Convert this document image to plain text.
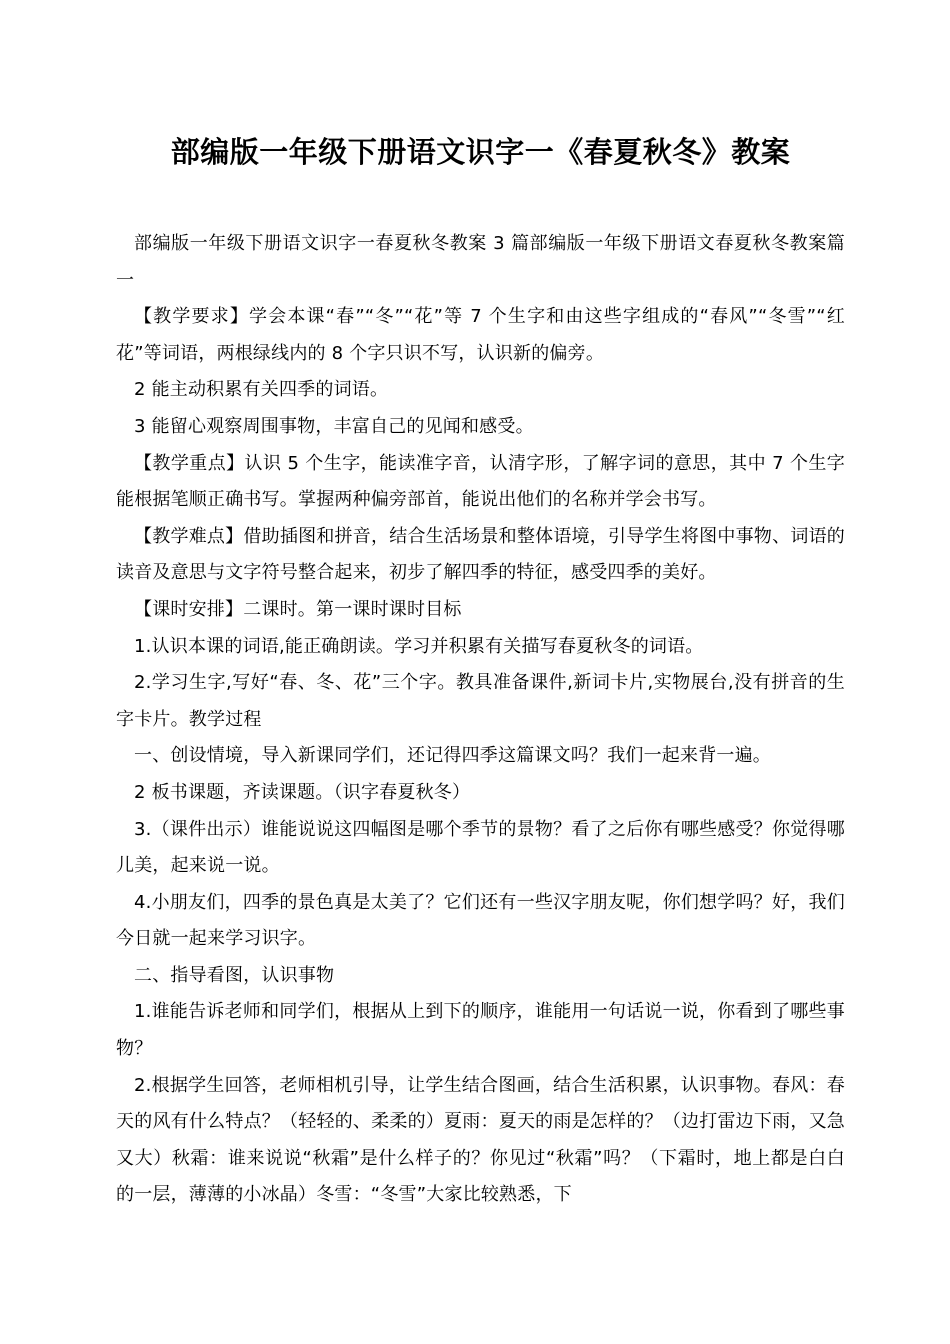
部编版一年级下册语文识字一《春夏秋冬》教案

部编版一年级下册语文识字一春夏秋冬教案 3 篇部编版一年级下册语文春夏秋冬教案篇一

【教学要求】学会本课“春”“冬”“花”等 7 个生字和由这些字组成的“春风”“冬雪”“红花”等词语，两根绿线内的 8 个字只识不写，认识新的偏旁。

2 能主动积累有关四季的词语。

3 能留心观察周围事物，丰富自己的见闻和感受。

【教学重点】认识 5 个生字，能读准字音，认清字形，了解字词的意思，其中 7 个生字能根据笔顺正确书写。掌握两种偏旁部首，能说出他们的名称并学会书写。

【教学难点】借助插图和拼音，结合生活场景和整体语境，引导学生将图中事物、词语的读音及意思与文字符号整合起来，初步了解四季的特征，感受四季的美好。

【课时安排】二课时。第一课时课时目标

1.认识本课的词语,能正确朗读。学习并积累有关描写春夏秋冬的词语。

2.学习生字,写好“春、冬、花”三个字。教具准备课件,新词卡片,实物展台,没有拼音的生字卡片。教学过程

一、创设情境，导入新课同学们，还记得四季这篇课文吗？我们一起来背一遍。

2 板书课题，齐读课题。（识字春夏秋冬）

3.（课件出示）谁能说说这四幅图是哪个季节的景物？看了之后你有哪些感受？你觉得哪儿美，起来说一说。

4.小朋友们，四季的景色真是太美了？它们还有一些汉字朋友呢，你们想学吗？好，我们今日就一起来学习识字。

二、指导看图，认识事物

1.谁能告诉老师和同学们，根据从上到下的顺序，谁能用一句话说一说，你看到了哪些事物？

2.根据学生回答，老师相机引导，让学生结合图画，结合生活积累，认识事物。春风：春天的风有什么特点？（轻轻的、柔柔的）夏雨：夏天的雨是怎样的？（边打雷边下雨，又急又大）秋霜：谁来说说“秋霜”是什么样子的？你见过“秋霜”吗？（下霜时，地上都是白白的一层，薄薄的小冰晶）冬雪：“冬雪”大家比较熟悉，下
